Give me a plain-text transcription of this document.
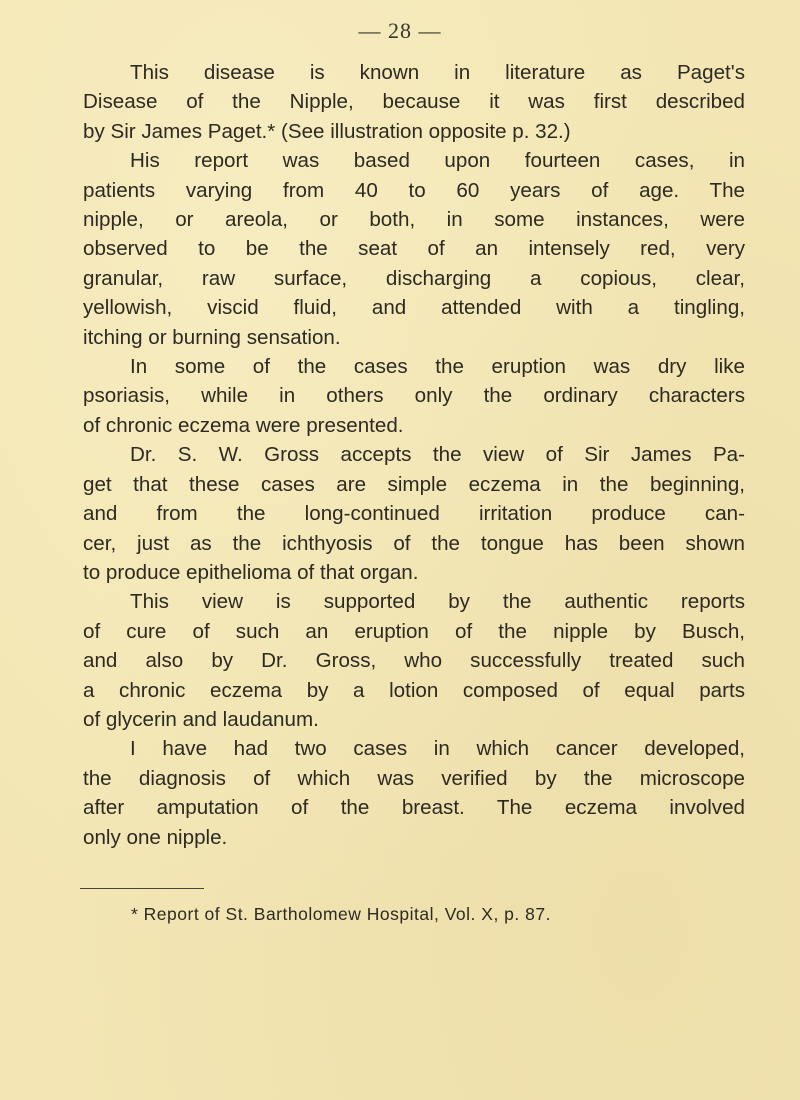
— 28 —
This disease is known in literature as Paget's
Disease of the Nipple, because it was first described
by Sir James Paget.* (See illustration opposite p. 32.)
His report was based upon fourteen cases, in
patients varying from 40 to 60 years of age. The
nipple, or areola, or both, in some instances, were
observed to be the seat of an intensely red, very
granular, raw surface, discharging a copious, clear,
yellowish, viscid fluid, and attended with a tingling,
itching or burning sensation.
In some of the cases the eruption was dry like
psoriasis, while in others only the ordinary characters
of chronic eczema were presented.
Dr. S. W. Gross accepts the view of Sir James Pa-
get that these cases are simple eczema in the beginning,
and from the long-continued irritation produce can-
cer, just as the ichthyosis of the tongue has been shown
to produce epithelioma of that organ.
This view is supported by the authentic reports
of cure of such an eruption of the nipple by Busch,
and also by Dr. Gross, who successfully treated such
a chronic eczema by a lotion composed of equal parts
of glycerin and laudanum.
I have had two cases in which cancer developed,
the diagnosis of which was verified by the microscope
after amputation of the breast. The eczema involved
only one nipple.
* Report of St. Bartholomew Hospital, Vol. X, p. 87.
